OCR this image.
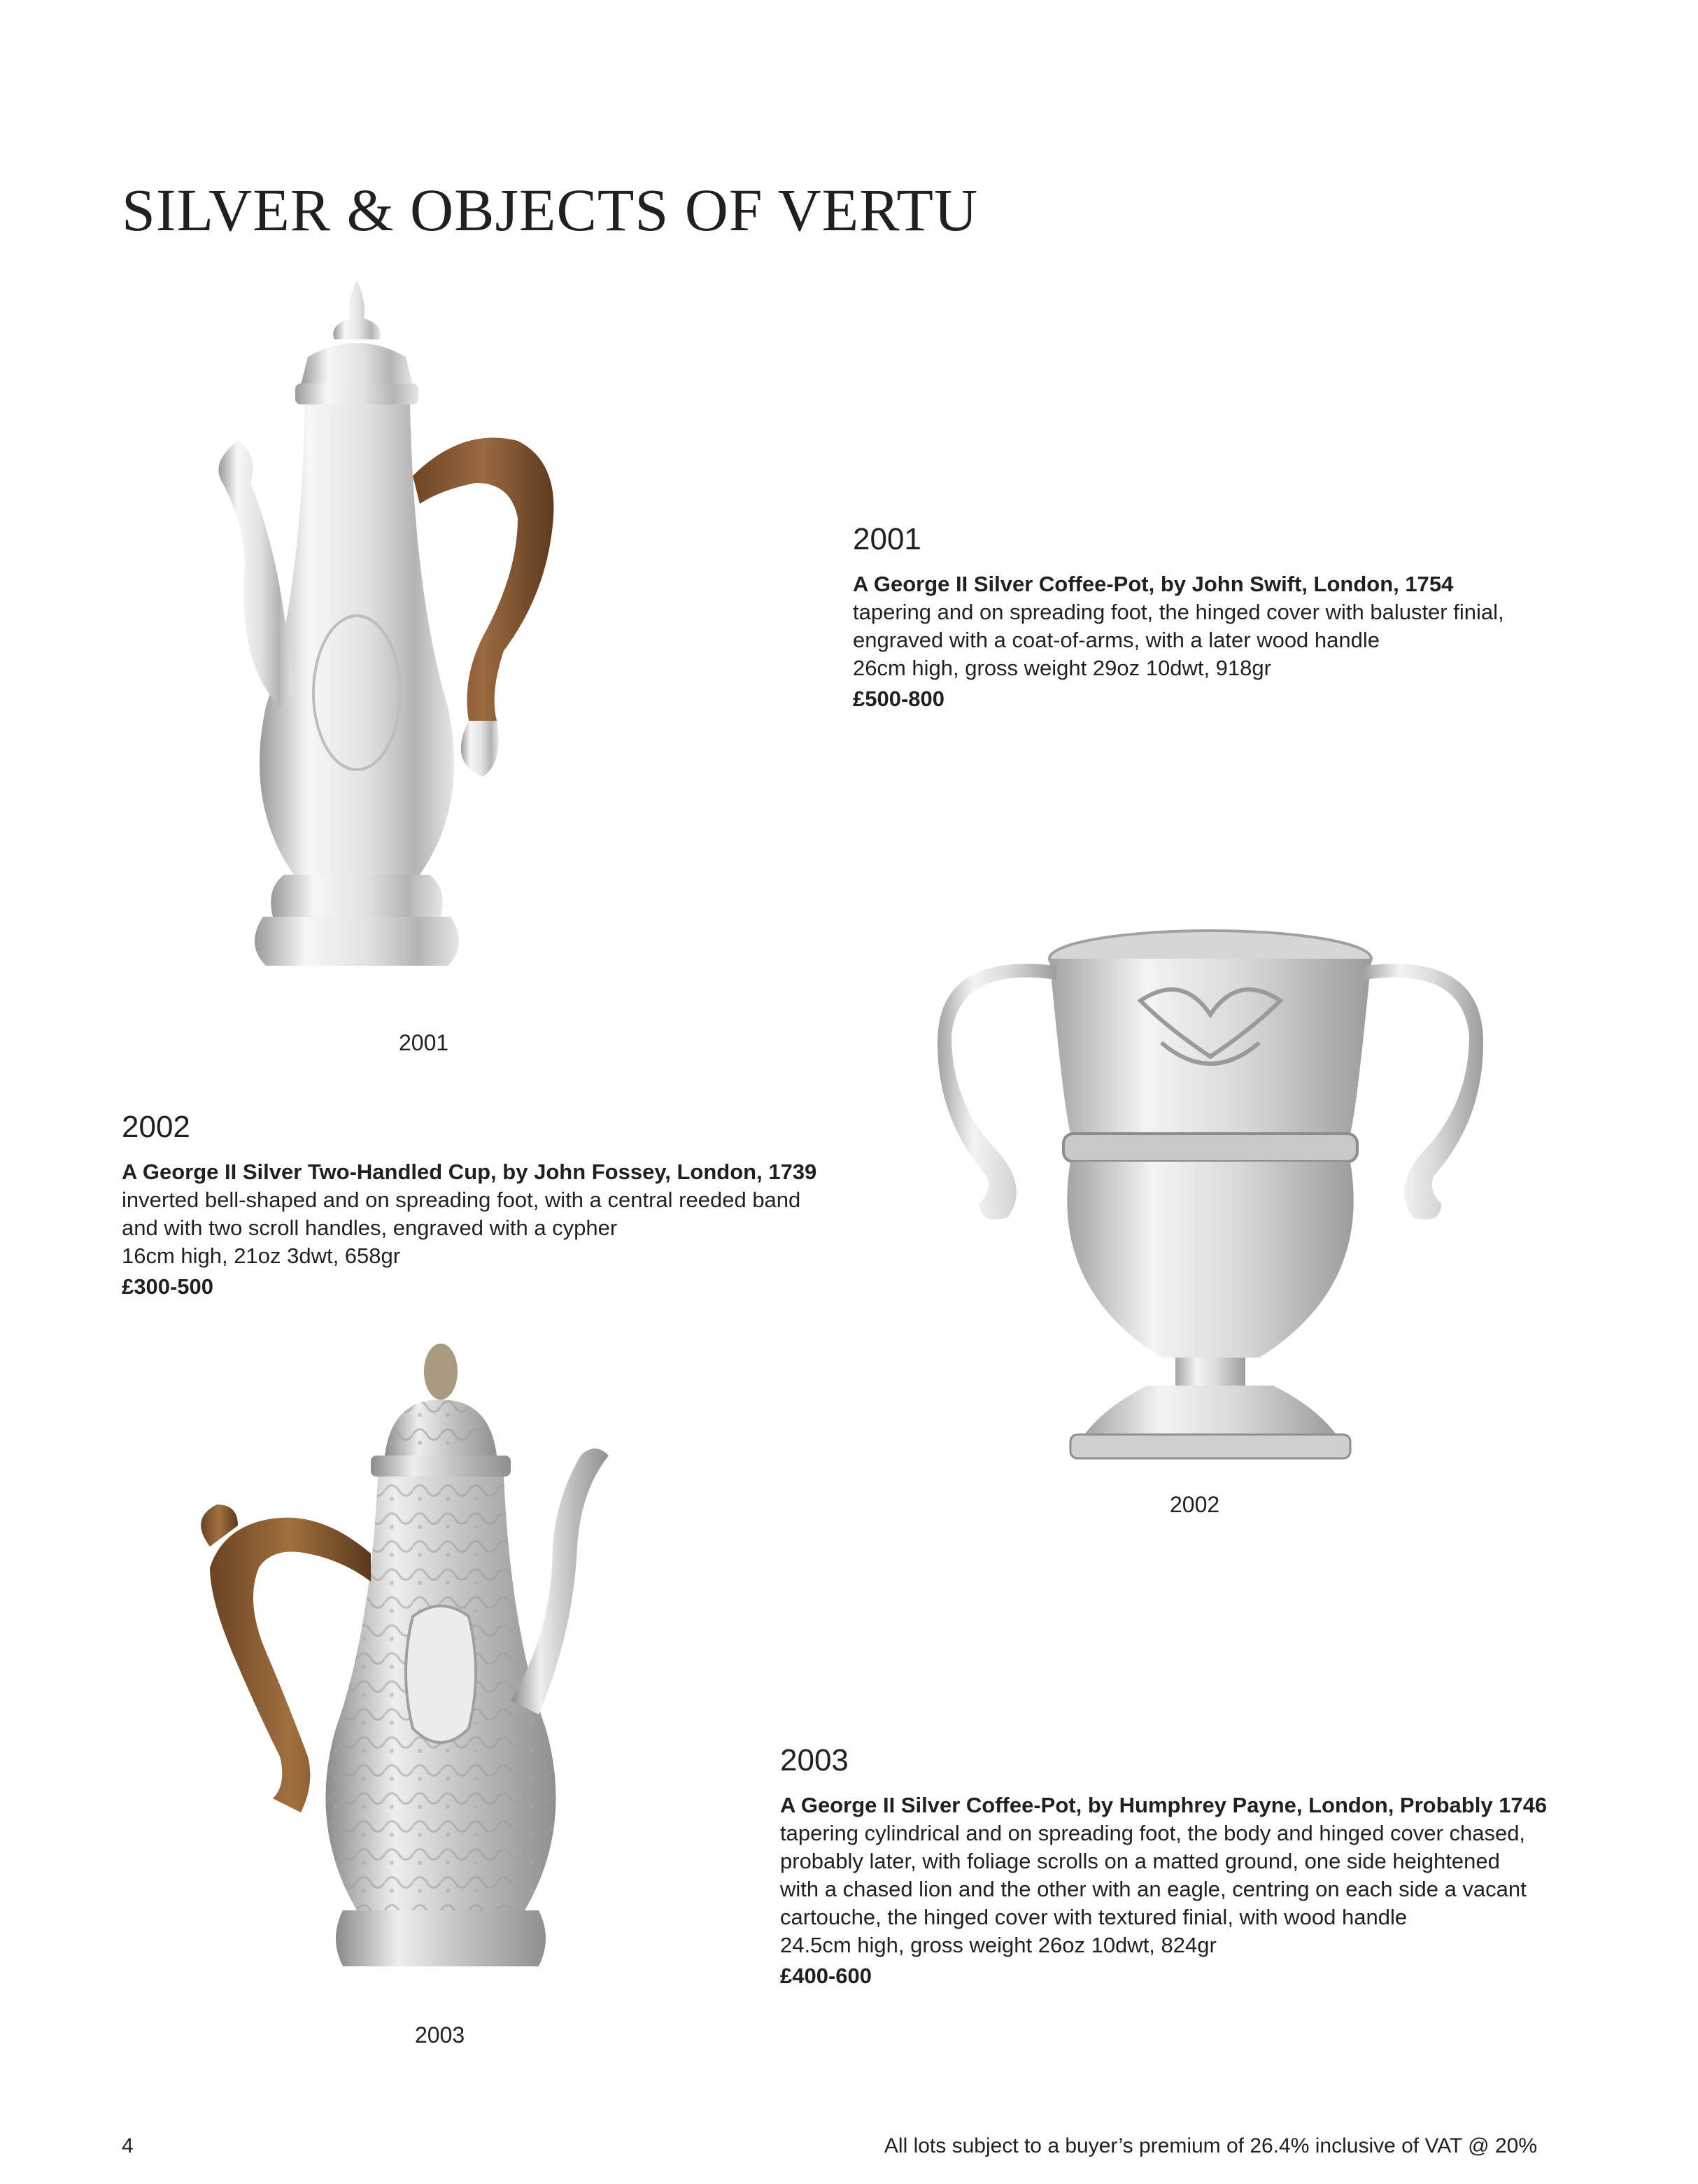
SILVER & OBJECTS OF VERTU
2001
2001
A George II Silver Coffee-Pot, by John Swift, London, 1754
tapering and on spreading foot, the hinged cover with baluster finial,
engraved with a coat-of-arms, with a later wood handle
26cm high, gross weight 29oz 10dwt, 918gr
£500-800
2002
2002
A George II Silver Two-Handled Cup, by John Fossey, London, 1739
inverted bell-shaped and on spreading foot, with a central reeded band
and with two scroll handles, engraved with a cypher
16cm high, 21oz 3dwt, 658gr
£300-500
2003
2003
A George II Silver Coffee-Pot, by Humphrey Payne, London, Probably 1746
tapering cylindrical and on spreading foot, the body and hinged cover chased,
probably later, with foliage scrolls on a matted ground, one side heightened
with a chased lion and the other with an eagle, centring on each side a vacant
cartouche, the hinged cover with textured finial, with wood handle
24.5cm high, gross weight 26oz 10dwt, 824gr
£400-600
4	All lots subject to a buyer’s premium of 26.4% inclusive of VAT @ 20%
